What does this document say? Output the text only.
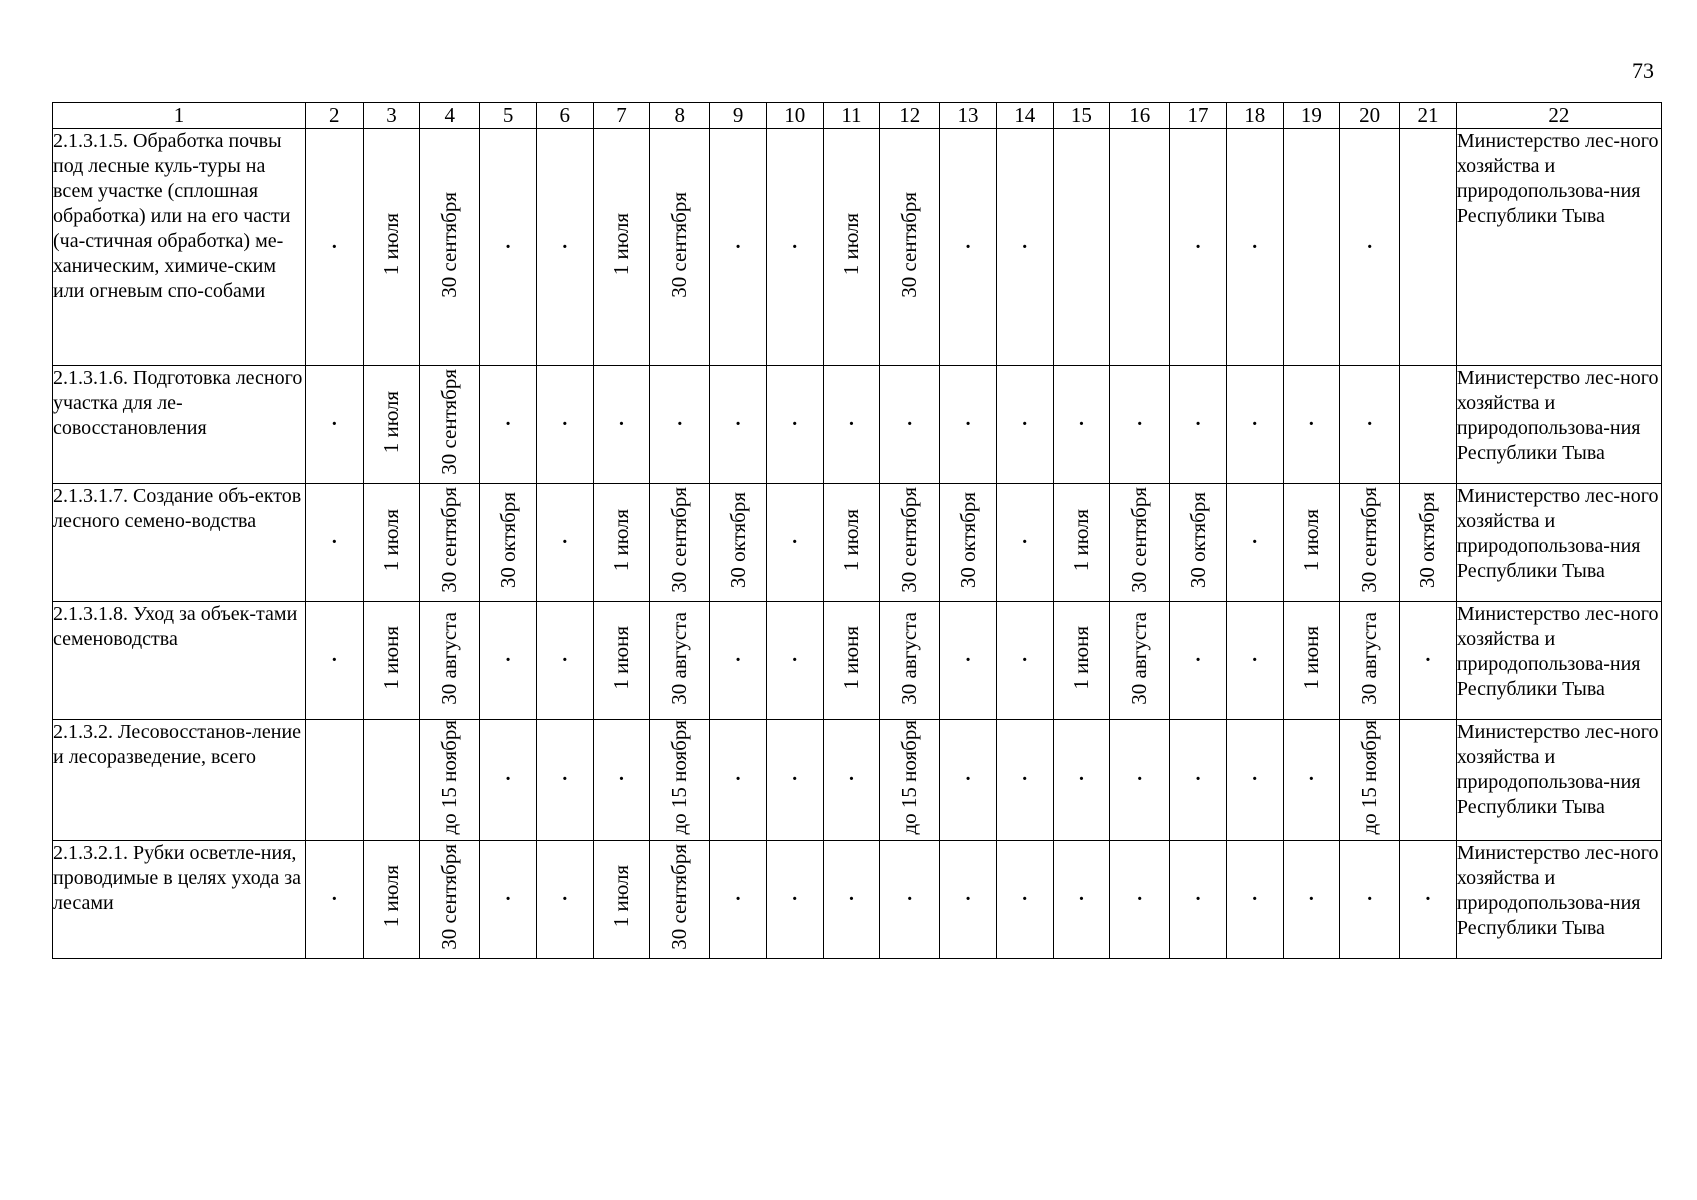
73
1	2	3	4	5	6	7	8	9	10	11	12	13	14	15	16	17	18	19	20	21	22
2.1.3.1.5. Обработка почвы под лесные куль-туры на всем участке (сплошная обработка) или на его части (ча-стичная обработка) ме-ханическим, химиче-ским или огневым спо-собами	·	1 июля	30 сентября	·	·	1 июля	30 сентября	·	·	1 июля	30 сентября	·	·			·	·		·		Министерство лес-ного хозяйства и природопользова-ния Республики Тыва
2.1.3.1.6. Подготовка лесного участка для ле-совосстановления	·	1 июля	30 сентября	·	·	·	·	·	·	·	·	·	·	·	·	·	·	·	·		Министерство лес-ного хозяйства и природопользова-ния Республики Тыва
2.1.3.1.7. Создание объ-ектов лесного семено-водства	·	1 июля	30 сентября	30 октября	·	1 июля	30 сентября	30 октября	·	1 июля	30 сентября	30 октября	·	1 июля	30 сентября	30 октября	·	1 июля	30 сентября	30 октября	Министерство лес-ного хозяйства и природопользова-ния Республики Тыва
2.1.3.1.8. Уход за объек-тами семеноводства	·	1 июня	30 августа	·	·	1 июня	30 августа	·	·	1 июня	30 августа	·	·	1 июня	30 августа	·	·	1 июня	30 августа	·	Министерство лес-ного хозяйства и природопользова-ния Республики Тыва
2.1.3.2. Лесовосстанов-ление и лесоразведение, всего			до 15 ноября	·	·	·	до 15 ноября	·	·	·	до 15 ноября	·	·	·	·	·	·	·	до 15 ноября		Министерство лес-ного хозяйства и природопользова-ния Республики Тыва
2.1.3.2.1. Рубки осветле-ния, проводимые в целях ухода за лесами	·	1 июля	30 сентября	·	·	1 июля	30 сентября	·	·	·	·	·	·	·	·	·	·	·	·	·	Министерство лес-ного хозяйства и природопользова-ния Республики Тыва
